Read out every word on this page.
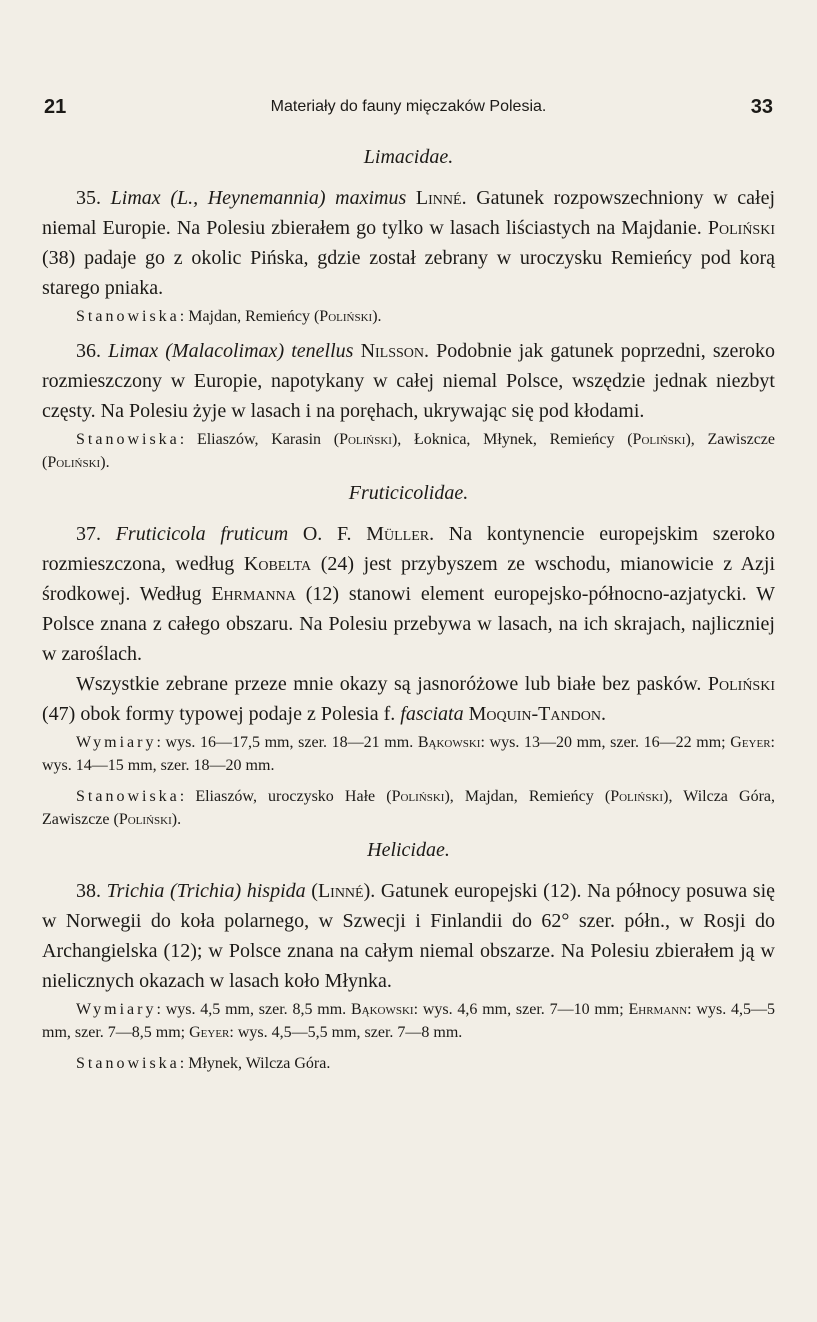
21	Materiały do fauny mięczaków Polesia.	33
Limacidae.

35. Limax (L., Heynemannia) maximus Linné. Gatunek rozpowszechniony w całej niemal Europie. Na Polesiu zbierałem go tylko w lasach liściastych na Majdanie. Poliński (38) padaje go z okolic Pińska, gdzie został zebrany w uroczysku Remieńcy pod korą starego pniaka.

Stanowiska: Majdan, Remieńcy (Poliński).

36. Limax (Malacolimax) tenellus Nilsson. Podobnie jak gatunek poprzedni, szeroko rozmieszczony w Europie, napotykany w całej niemal Polsce, wszędzie jednak niezbyt częsty. Na Polesiu żyje w lasach i na poręhach, ukrywając się pod kłodami.

Stanowiska: Eliaszów, Karasin (Poliński), Łoknica, Młynek, Remieńcy (Poliński), Zawiszcze (Poliński).

Fruticicolidae.

37. Fruticicola fruticum O. F. Müller. Na kontynencie europejskim szeroko rozmieszczona, według Kobelta (24) jest przybyszem ze wschodu, mianowicie z Azji środkowej. Według Ehrmanna (12) stanowi element europejsko-północno-azjatycki. W Polsce znana z całego obszaru. Na Polesiu przebywa w lasach, na ich skrajach, najliczniej w zaroślach.

Wszystkie zebrane przeze mnie okazy są jasnoróżowe lub białe bez pasków. Poliński (47) obok formy typowej podaje z Polesia f. fasciata Moquin-Tandon.

Wymiary: wys. 16—17,5 mm, szer. 18—21 mm. Bąkowski: wys. 13—20 mm, szer. 16—22 mm; Geyer: wys. 14—15 mm, szer. 18—20 mm.

Stanowiska: Eliaszów, uroczysko Hałe (Poliński), Majdan, Remieńcy (Poliński), Wilcza Góra, Zawiszcze (Poliński).

Helicidae.

38. Trichia (Trichia) hispida (Linné). Gatunek europejski (12). Na północy posuwa się w Norwegii do koła polarnego, w Szwecji i Finlandii do 62° szer. półn., w Rosji do Archangielska (12); w Polsce znana na całym niemal obszarze. Na Polesiu zbierałem ją w nielicznych okazach w lasach koło Młynka.

Wymiary: wys. 4,5 mm, szer. 8,5 mm. Bąkowski: wys. 4,6 mm, szer. 7—10 mm; Ehrmann: wys. 4,5—5 mm, szer. 7—8,5 mm; Geyer: wys. 4,5—5,5 mm, szer. 7—8 mm.

Stanowiska: Młynek, Wilcza Góra.
